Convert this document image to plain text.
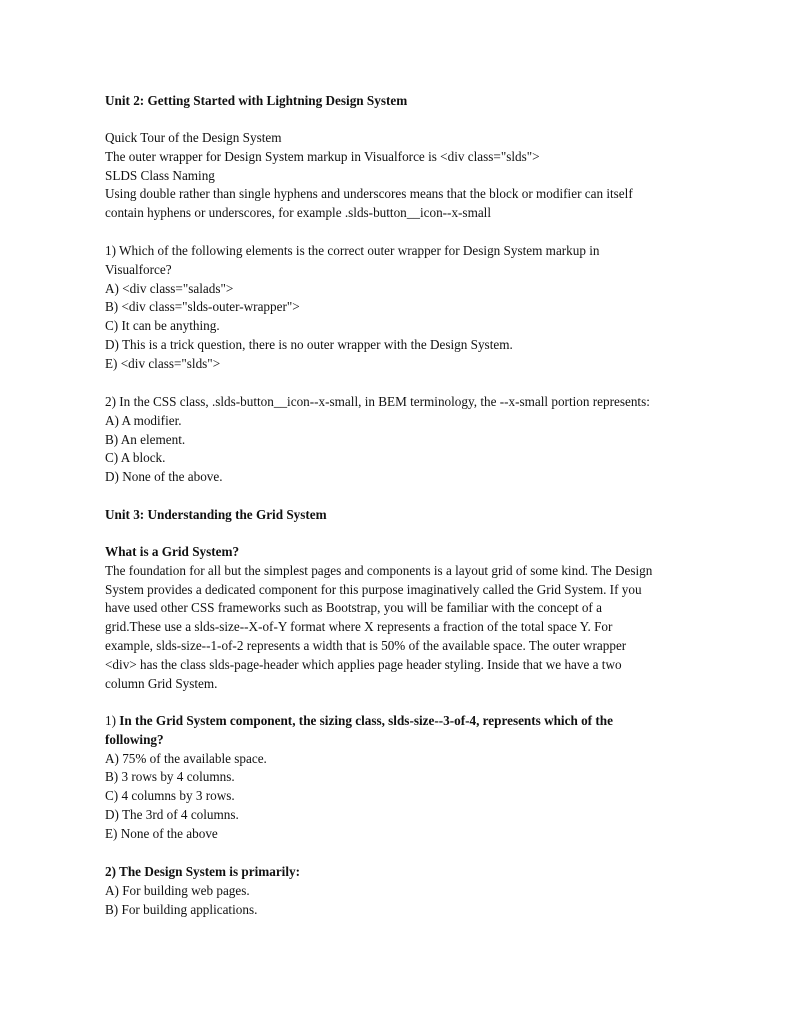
Unit 2: Getting Started with Lightning Design System
Quick Tour of the Design System
The outer wrapper for Design System markup in Visualforce is <div class="slds">
SLDS Class Naming
Using double rather than single hyphens and underscores means that the block or modifier can itself
contain hyphens or underscores, for example .slds-button__icon--x-small
1) Which of the following elements is the correct outer wrapper for Design System markup in
Visualforce?
A) <div class="salads">
B) <div class="slds-outer-wrapper">
C) It can be anything.
D) This is a trick question, there is no outer wrapper with the Design System.
E) <div class="slds">
2) In the CSS class, .slds-button__icon--x-small, in BEM terminology, the --x-small portion represents:
A) A modifier.
B) An element.
C) A block.
D) None of the above.
Unit 3: Understanding the Grid System
What is a Grid System?
The foundation for all but the simplest pages and components is a layout grid of some kind. The Design
System provides a dedicated component for this purpose imaginatively called the Grid System. If you
have used other CSS frameworks such as Bootstrap, you will be familiar with the concept of a
grid.These use a slds-size--X-of-Y format where X represents a fraction of the total space Y. For
example, slds-size--1-of-2 represents a width that is 50% of the available space. The outer wrapper
<div> has the class slds-page-header which applies page header styling. Inside that we have a two
column Grid System.
1) In the Grid System component, the sizing class, slds-size--3-of-4, represents which of the
following?
A) 75% of the available space.
B) 3 rows by 4 columns.
C) 4 columns by 3 rows.
D) The 3rd of 4 columns.
E) None of the above
2) The Design System is primarily:
A) For building web pages.
B) For building applications.
